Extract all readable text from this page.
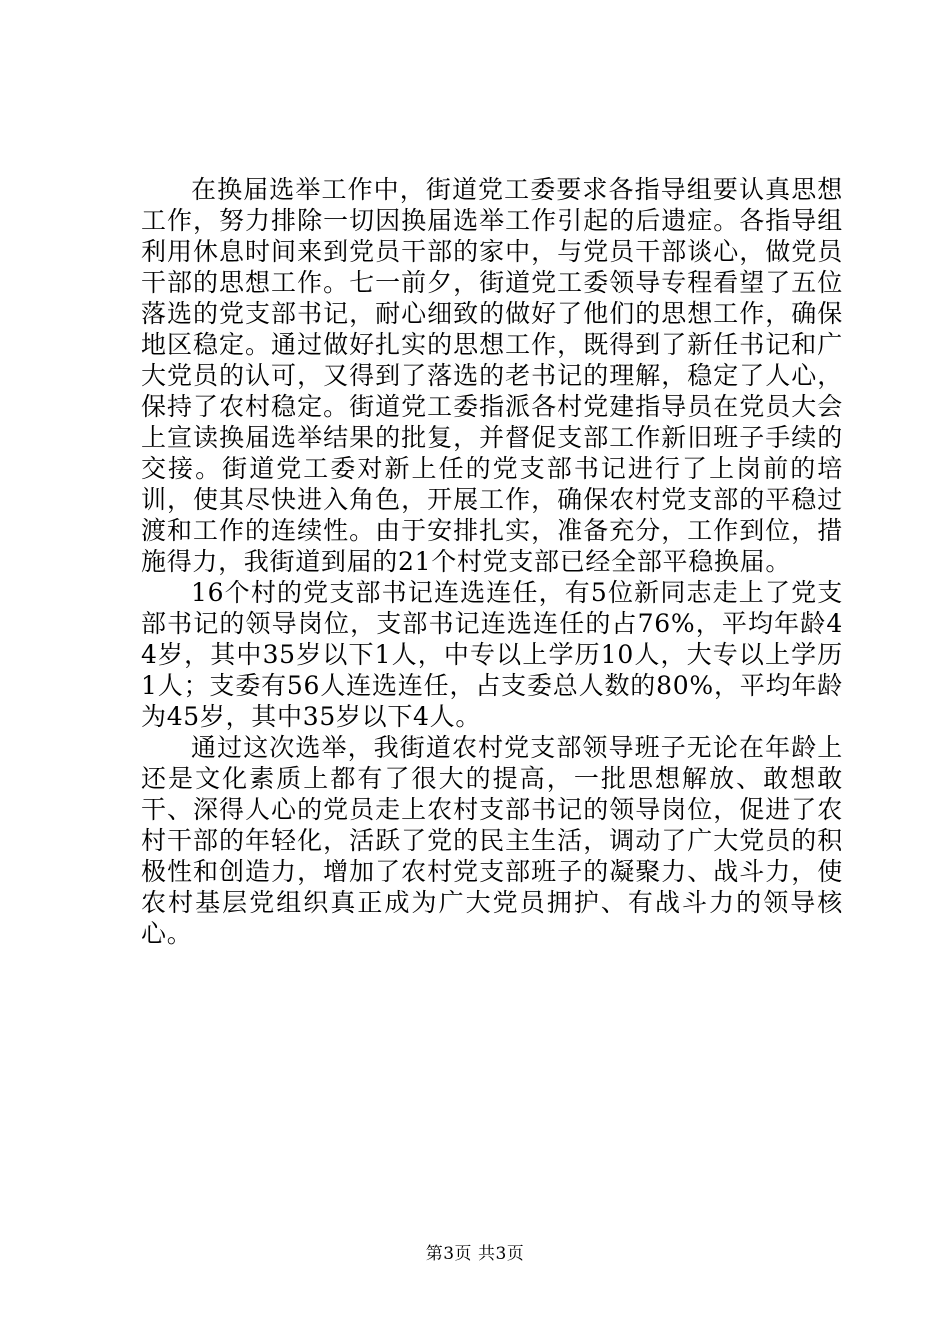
在换届选举工作中，街道党工委要求各指导组要认真思想工作，努力排除一切因换届选举工作引起的后遗症。各指导组利用休息时间来到党员干部的家中，与党员干部谈心，做党员干部的思想工作。七一前夕，街道党工委领导专程看望了五位落选的党支部书记，耐心细致的做好了他们的思想工作，确保地区稳定。通过做好扎实的思想工作，既得到了新任书记和广大党员的认可，又得到了落选的老书记的理解，稳定了人心，保持了农村稳定。街道党工委指派各村党建指导员在党员大会上宣读换届选举结果的批复，并督促支部工作新旧班子手续的交接。街道党工委对新上任的党支部书记进行了上岗前的培训，使其尽快进入角色，开展工作，确保农村党支部的平稳过渡和工作的连续性。由于安排扎实，准备充分，工作到位，措施得力，我街道到届的21个村党支部已经全部平稳换届。

16个村的党支部书记连选连任，有5位新同志走上了党支部书记的领导岗位，支部书记连选连任的占76%，平均年龄44岁，其中35岁以下1人，中专以上学历10人，大专以上学历1人；支委有56人连选连任，占支委总人数的80%，平均年龄为45岁，其中35岁以下4人。

通过这次选举，我街道农村党支部领导班子无论在年龄上还是文化素质上都有了很大的提高，一批思想解放、敢想敢干、深得人心的党员走上农村支部书记的领导岗位，促进了农村干部的年轻化，活跃了党的民主生活，调动了广大党员的积极性和创造力，增加了农村党支部班子的凝聚力、战斗力，使农村基层党组织真正成为广大党员拥护、有战斗力的领导核心。

第3页 共3页
